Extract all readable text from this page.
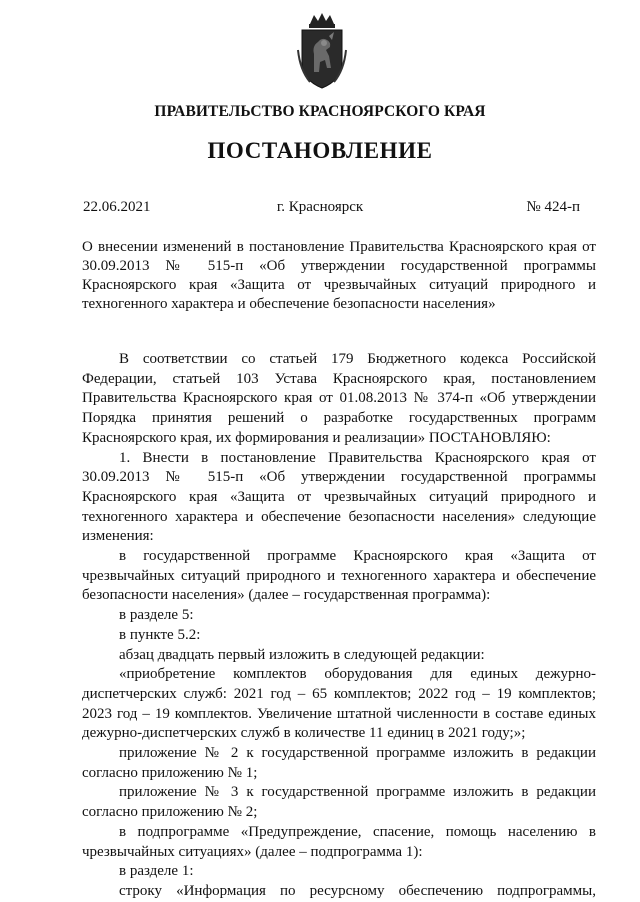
ПРАВИТЕЛЬСТВО КРАСНОЯРСКОГО КРАЯ
ПОСТАНОВЛЕНИЕ
22.06.2021	г. Красноярск	№ 424-п
О внесении изменений в постановление Правительства Красноярского края от 30.09.2013 № 515-п «Об утверждении государственной программы Красноярского края «Защита от чрезвычайных ситуаций природного и техногенного характера и обеспечение безопасности населения»

В соответствии со статьей 179 Бюджетного кодекса Российской Федерации, статьей 103 Устава Красноярского края, постановлением Правительства Красноярского края от 01.08.2013 № 374-п «Об утверждении Порядка принятия решений о разработке государственных программ Красноярского края, их формирования и реализации» ПОСТАНОВЛЯЮ:

1. Внести в постановление Правительства Красноярского края от 30.09.2013 № 515-п «Об утверждении государственной программы Красноярского края «Защита от чрезвычайных ситуаций природного и техногенного характера и обеспечение безопасности населения» следующие изменения:

в государственной программе Красноярского края «Защита от чрезвычайных ситуаций природного и техногенного характера и обеспечение безопасности населения» (далее – государственная программа):

в разделе 5:

в пункте 5.2:

абзац двадцать первый изложить в следующей редакции:

«приобретение комплектов оборудования для единых дежурно-диспетчерских служб: 2021 год – 65 комплектов; 2022 год – 19 комплектов; 2023 год – 19 комплектов. Увеличение штатной численности в составе единых дежурно-диспетчерских служб в количестве 11 единиц в 2021 году;»;

приложение № 2 к государственной программе изложить в редакции согласно приложению № 1;

приложение № 3 к государственной программе изложить в редакции согласно приложению № 2;

в подпрограмме «Предупреждение, спасение, помощь населению в чрезвычайных ситуациях» (далее – подпрограмма 1):

в разделе 1:

строку «Информация по ресурсному обеспечению подпрограммы,
